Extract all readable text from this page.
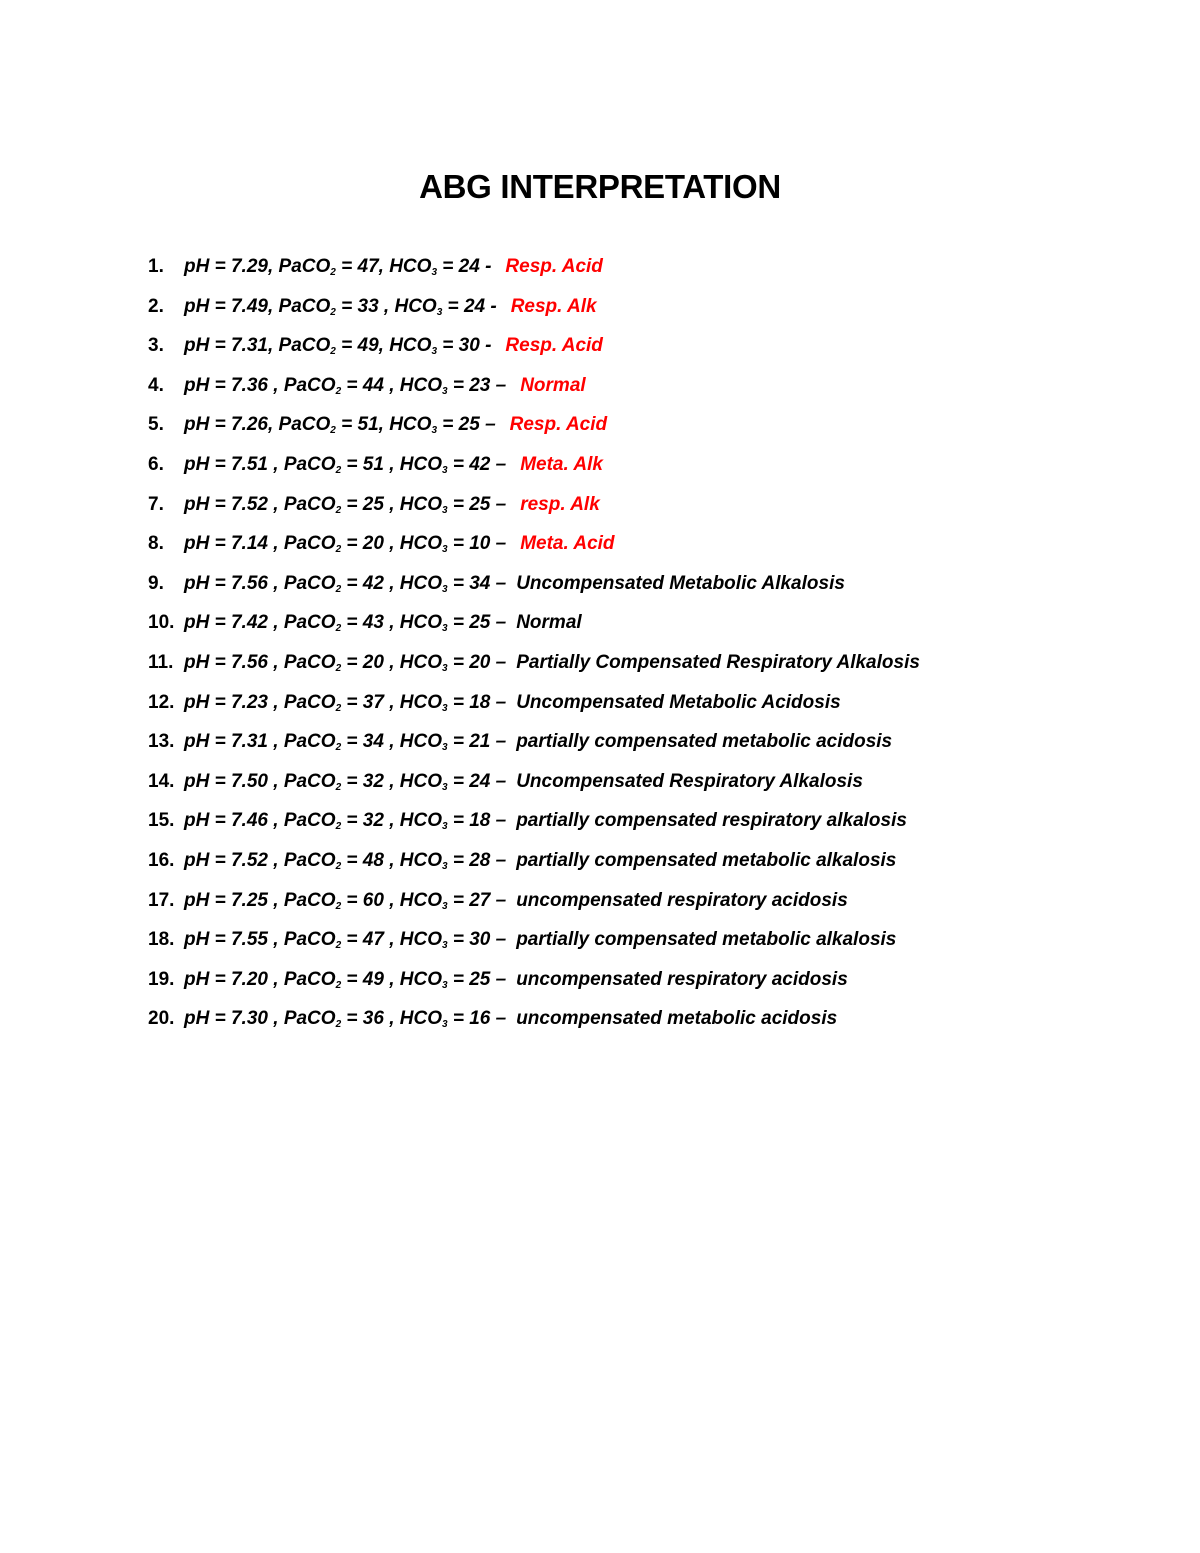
ABG INTERPRETATION
1.	pH = 7.29, PaCO$_2$ = 47, $HCO_3 = 24$ - Resp. Acid
2.	pH = 7.49, PaCO$_2$ = 33 , $HCO_3 = 24$ - Resp. Alk
3.	pH = 7.31, PaCO$_2$ = 49, $HCO_3 = 30$ - Resp. Acid
4.	pH = 7.36 , PaCO$_2$ = 44 , $HCO_3 = 23$ – Normal
5.	pH = 7.26, PaCO$_2$ = 51, $HCO_3 = 25$ – Resp. Acid
6.	pH = 7.51 , PaCO$_2$ = 51 , $HCO_3 = 42$ – Meta. Alk
7.	pH = 7.52 , PaCO$_2$ = 25 , $HCO_3 = 25$ – resp. Alk
8.	pH = 7.14 , PaCO$_2$ = 20 , $HCO_3 = 10$ – Meta. Acid
9.	pH = 7.56 , PaCO$_2$ = 42 , $HCO_3 = 34$ – Uncompensated Metabolic Alkalosis
10. pH = 7.42 , PaCO$_2$ = 43 , $HCO_3 = 25$ – Normal
11. pH = 7.56 , PaCO$_2$ = 20 , $HCO_3 = 20$ – Partially Compensated Respiratory Alkalosis
12. pH = 7.23 , PaCO$_2$ = 37 , $HCO_3 = 18$ – Uncompensated Metabolic Acidosis
13. pH = 7.31 , PaCO$_2$ = 34 , $HCO_3 = 21$ – partially compensated metabolic acidosis
14. pH = 7.50 , PaCO$_2$ = 32 , $HCO_3 = 24$ – Uncompensated Respiratory Alkalosis
15. pH = 7.46 , PaCO$_2$ = 32 , $HCO_3 = 18$ – partially compensated respiratory alkalosis
16. pH = 7.52 , PaCO$_2$ = 48 , $HCO_3 = 28$ – partially compensated metabolic alkalosis
17. pH = 7.25 , PaCO$_2$ = 60 , $HCO_3 = 27$ – uncompensated respiratory acidosis
18. pH = 7.55 , PaCO$_2$ = 47 , $HCO_3 = 30$ – partially compensated metabolic alkalosis
19. pH = 7.20 , PaCO$_2$ = 49 , $HCO_3 = 25$ – uncompensated respiratory acidosis
20. pH = 7.30 , PaCO$_2$ = 36 , $HCO_3 = 16$ – uncompensated metabolic acidosis
